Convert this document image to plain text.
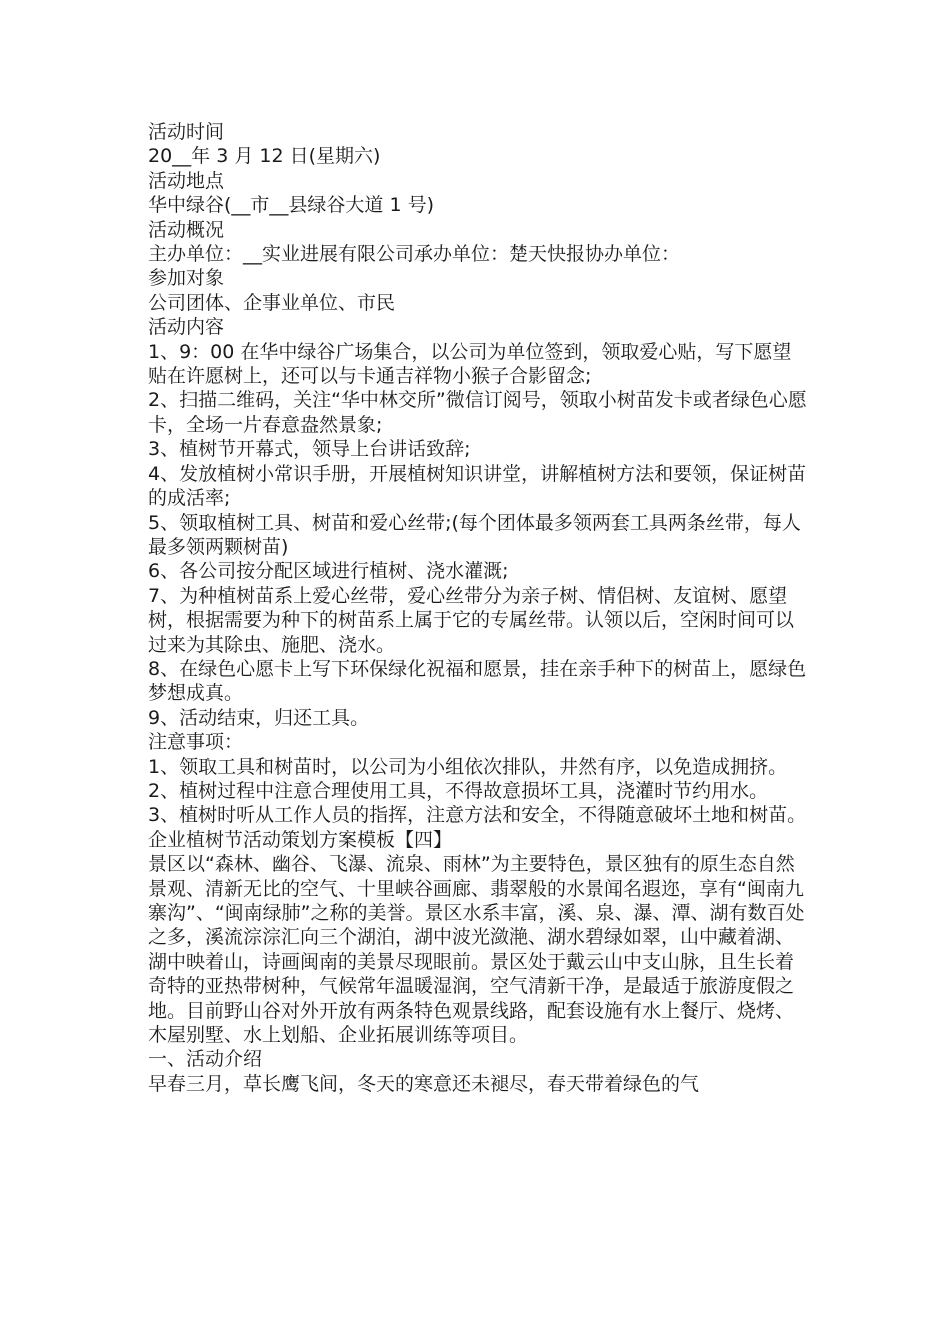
活动时间

20__年 3 月 12 日(星期六)

活动地点

华中绿谷(__市__县绿谷大道 1 号)

活动概况

主办单位：__实业进展有限公司承办单位：楚天快报协办单位：

参加对象

公司团体、企事业单位、市民

活动内容

1、9：00 在华中绿谷广场集合，以公司为单位签到，领取爱心贴，写下愿望贴在许愿树上，还可以与卡通吉祥物小猴子合影留念;

2、扫描二维码，关注“华中林交所”微信订阅号，领取小树苗发卡或者绿色心愿卡，全场一片春意盎然景象;

3、植树节开幕式，领导上台讲话致辞;

4、发放植树小常识手册，开展植树知识讲堂，讲解植树方法和要领，保证树苗的成活率;

5、领取植树工具、树苗和爱心丝带;(每个团体最多领两套工具两条丝带，每人最多领两颗树苗)

6、各公司按分配区域进行植树、浇水灌溉;

7、为种植树苗系上爱心丝带，爱心丝带分为亲子树、情侣树、友谊树、愿望树，根据需要为种下的树苗系上属于它的专属丝带。认领以后，空闲时间可以过来为其除虫、施肥、浇水。

8、在绿色心愿卡上写下环保绿化祝福和愿景，挂在亲手种下的树苗上，愿绿色梦想成真。

9、活动结束，归还工具。

注意事项：

1、领取工具和树苗时，以公司为小组依次排队，井然有序，以免造成拥挤。

2、植树过程中注意合理使用工具，不得故意损坏工具，浇灌时节约用水。

3、植树时听从工作人员的指挥，注意方法和安全，不得随意破坏土地和树苗。

企业植树节活动策划方案模板【四】

景区以“森林、幽谷、飞瀑、流泉、雨林”为主要特色，景区独有的原生态自然景观、清新无比的空气、十里峡谷画廊、翡翠般的水景闻名遐迩，享有“闽南九寨沟”、“闽南绿肺”之称的美誉。景区水系丰富，溪、泉、瀑、潭、湖有数百处之多，溪流淙淙汇向三个湖泊，湖中波光潋滟、湖水碧绿如翠，山中藏着湖、湖中映着山，诗画闽南的美景尽现眼前。景区处于戴云山中支山脉，且生长着奇特的亚热带树种，气候常年温暖湿润，空气清新干净，是最适于旅游度假之地。目前野山谷对外开放有两条特色观景线路，配套设施有水上餐厅、烧烤、木屋别墅、水上划船、企业拓展训练等项目。

一、活动介绍

早春三月，草长鹰飞间，冬天的寒意还未褪尽，春天带着绿色的气
